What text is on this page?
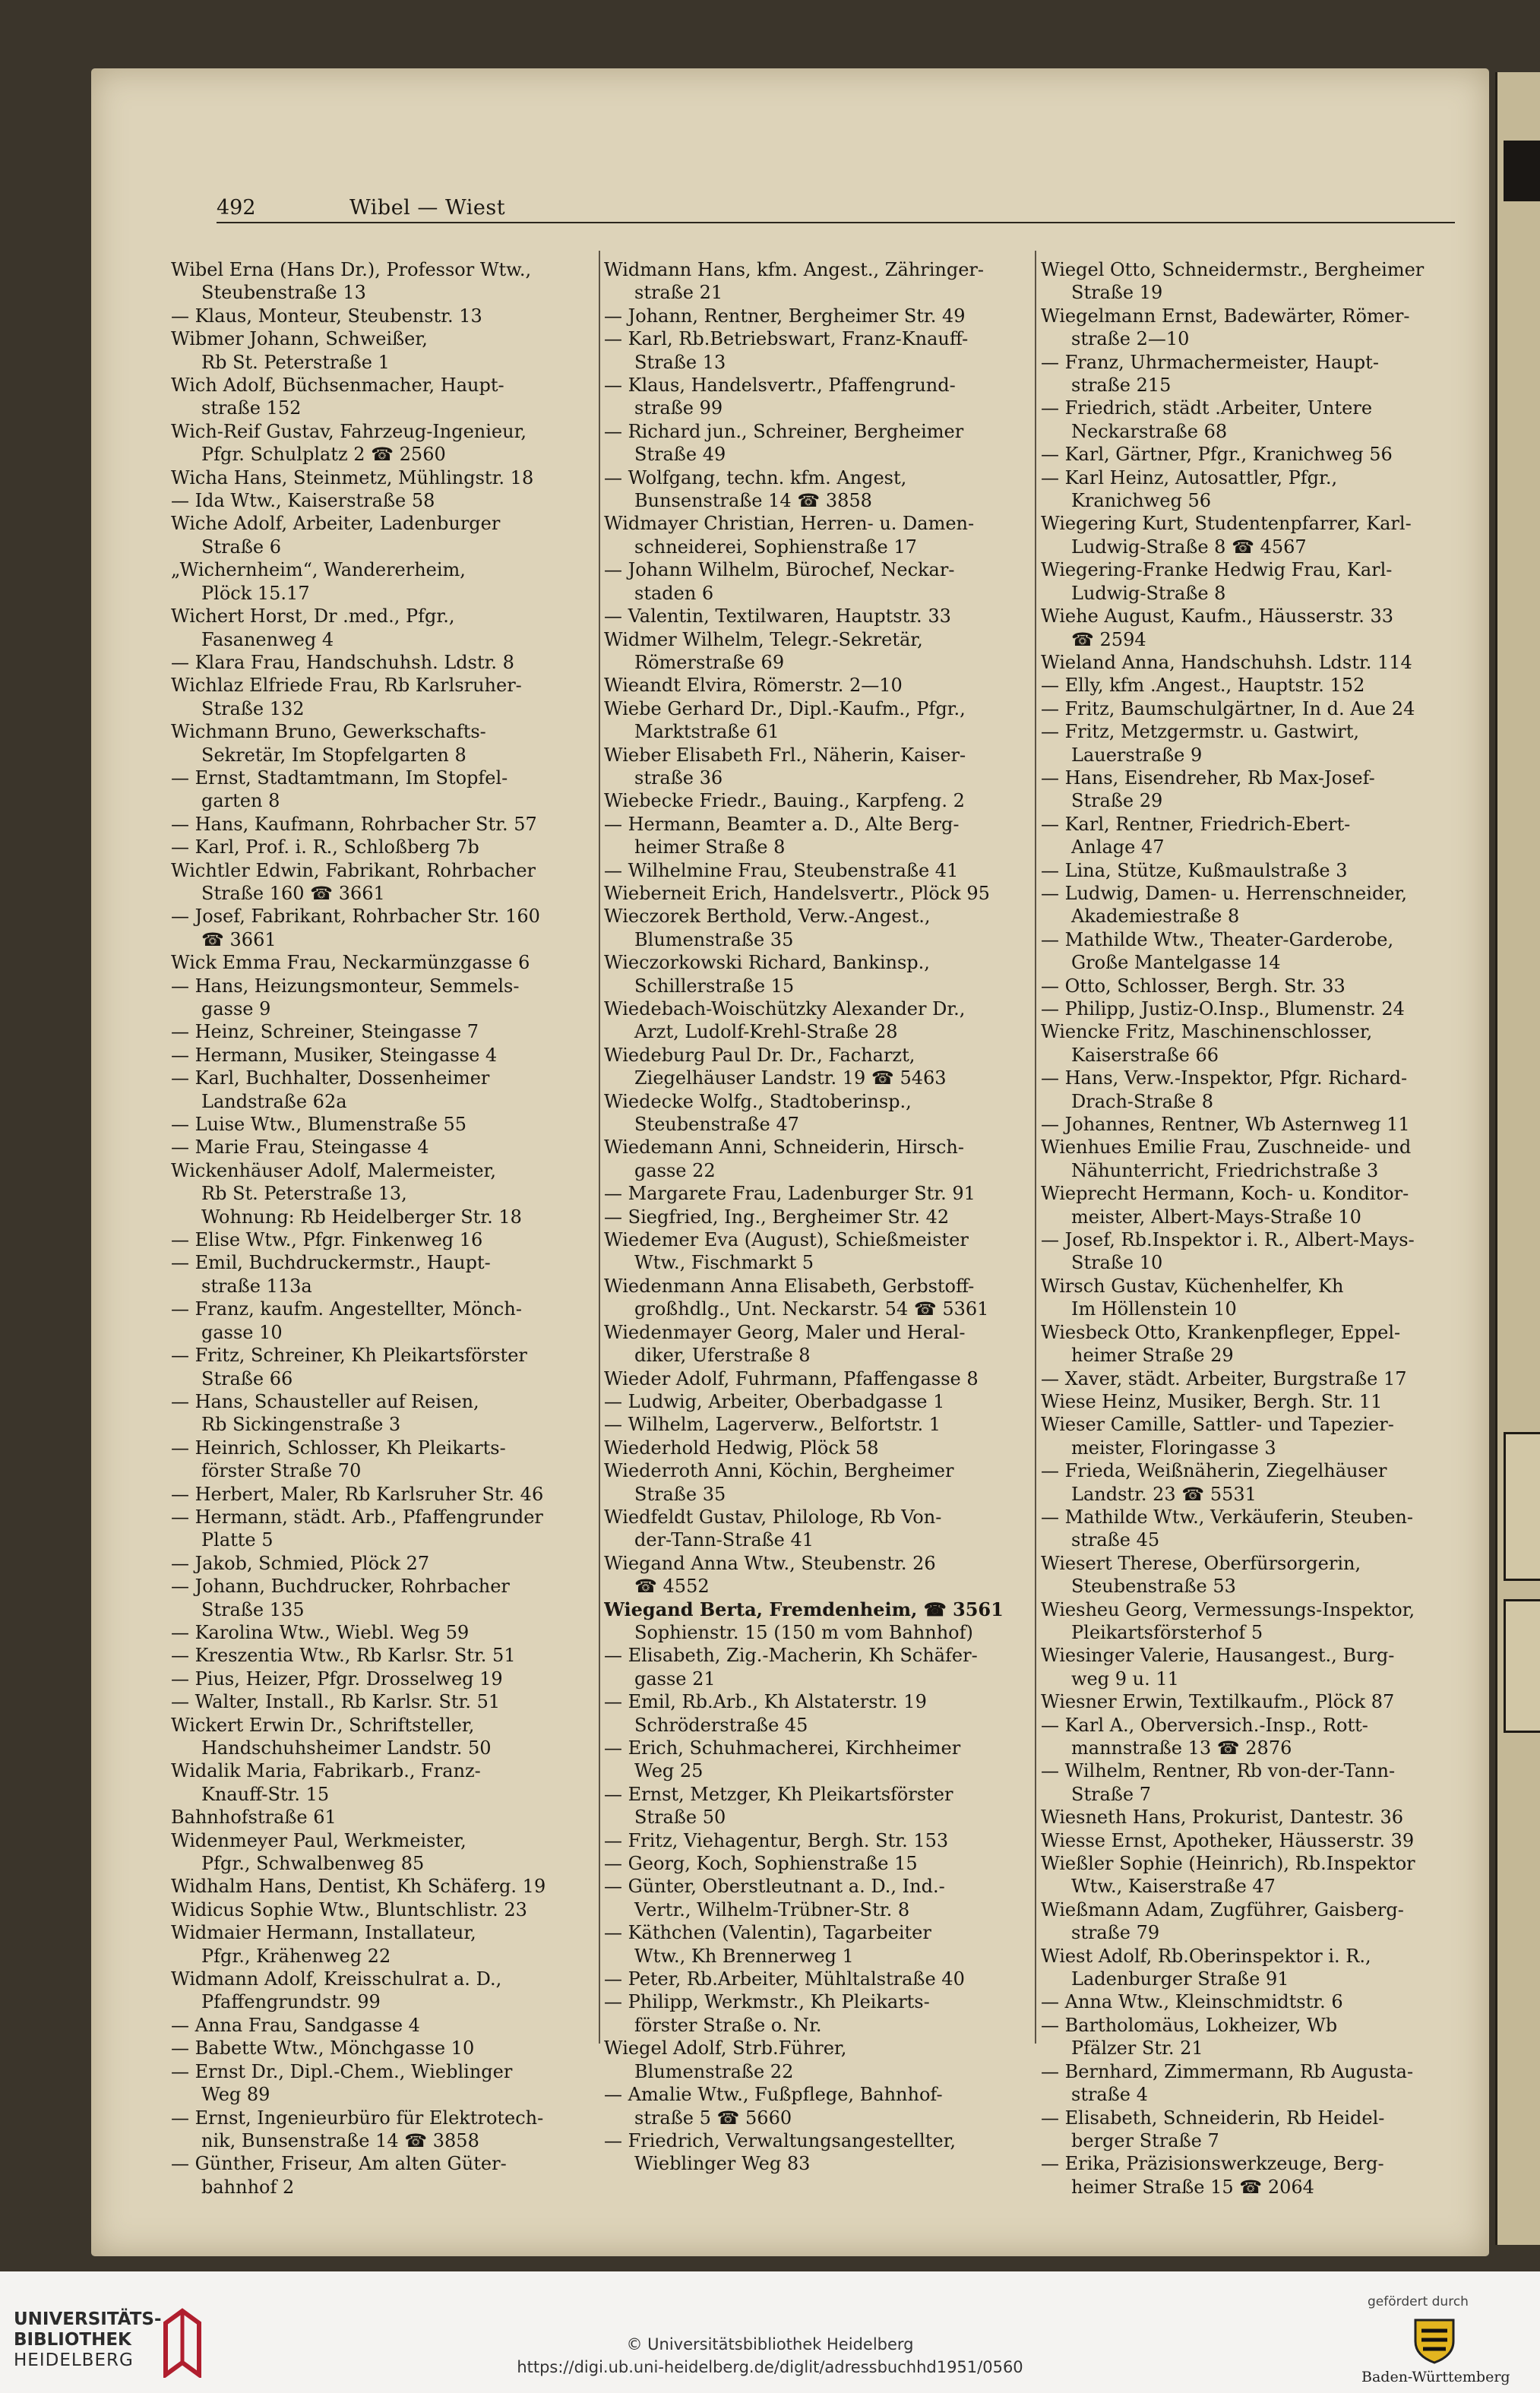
492	Wibel — Wiest
Wibel Erna (Hans Dr.), Professor Wtw.,
Steubenstraße 13
— Klaus, Monteur, Steubenstr. 13
Wibmer Johann, Schweißer,
Rb St. Peterstraße 1
Wich Adolf, Büchsenmacher, Haupt-
straße 152
Wich-Reif Gustav, Fahrzeug-Ingenieur,
Pfgr. Schulplatz 2 ☎ 2560
Wicha Hans, Steinmetz, Mühlingstr. 18
— Ida Wtw., Kaiserstraße 58
Wiche Adolf, Arbeiter, Ladenburger
Straße 6
„Wichernheim“, Wandererheim,
Plöck 15.17
Wichert Horst, Dr .med., Pfgr.,
Fasanenweg 4
— Klara Frau, Handschuhsh. Ldstr. 8
Wichlaz Elfriede Frau, Rb Karlsruher-
Straße 132
Wichmann Bruno, Gewerkschafts-
Sekretär, Im Stopfelgarten 8
— Ernst, Stadtamtmann, Im Stopfel-
garten 8
— Hans, Kaufmann, Rohrbacher Str. 57
— Karl, Prof. i. R., Schloßberg 7b
Wichtler Edwin, Fabrikant, Rohrbacher
Straße 160 ☎ 3661
— Josef, Fabrikant, Rohrbacher Str. 160
☎ 3661
Wick Emma Frau, Neckarmünzgasse 6
— Hans, Heizungsmonteur, Semmels-
gasse 9
— Heinz, Schreiner, Steingasse 7
— Hermann, Musiker, Steingasse 4
— Karl, Buchhalter, Dossenheimer
Landstraße 62a
— Luise Wtw., Blumenstraße 55
— Marie Frau, Steingasse 4
Wickenhäuser Adolf, Malermeister,
Rb St. Peterstraße 13,
Wohnung: Rb Heidelberger Str. 18
— Elise Wtw., Pfgr. Finkenweg 16
— Emil, Buchdruckermstr., Haupt-
straße 113a
— Franz, kaufm. Angestellter, Mönch-
gasse 10
— Fritz, Schreiner, Kh Pleikartsförster
Straße 66
— Hans, Schausteller auf Reisen,
Rb Sickingenstraße 3
— Heinrich, Schlosser, Kh Pleikarts-
förster Straße 70
— Herbert, Maler, Rb Karlsruher Str. 46
— Hermann, städt. Arb., Pfaffengrunder
Platte 5
— Jakob, Schmied, Plöck 27
— Johann, Buchdrucker, Rohrbacher
Straße 135
— Karolina Wtw., Wiebl. Weg 59
— Kreszentia Wtw., Rb Karlsr. Str. 51
— Pius, Heizer, Pfgr. Drosselweg 19
— Walter, Install., Rb Karlsr. Str. 51
Wickert Erwin Dr., Schriftsteller,
Handschuhsheimer Landstr. 50
Widalik Maria, Fabrikarb., Franz-
Knauff-Str. 15
Bahnhofstraße 61
Widenmeyer Paul, Werkmeister,
Pfgr., Schwalbenweg 85
Widhalm Hans, Dentist, Kh Schäferg. 19
Widicus Sophie Wtw., Bluntschlistr. 23
Widmaier Hermann, Installateur,
Pfgr., Krähenweg 22
Widmann Adolf, Kreisschulrat a. D.,
Pfaffengrundstr. 99
— Anna Frau, Sandgasse 4
— Babette Wtw., Mönchgasse 10
— Ernst Dr., Dipl.-Chem., Wieblinger
Weg 89
— Ernst, Ingenieurbüro für Elektrotech-
nik, Bunsenstraße 14 ☎ 3858
— Günther, Friseur, Am alten Güter-
bahnhof 2
Widmann Hans, kfm. Angest., Zähringer-
straße 21
— Johann, Rentner, Bergheimer Str. 49
— Karl, Rb.Betriebswart, Franz-Knauff-
Straße 13
— Klaus, Handelsvertr., Pfaffengrund-
straße 99
— Richard jun., Schreiner, Bergheimer
Straße 49
— Wolfgang, techn. kfm. Angest,
Bunsenstraße 14 ☎ 3858
Widmayer Christian, Herren- u. Damen-
schneiderei, Sophienstraße 17
— Johann Wilhelm, Bürochef, Neckar-
staden 6
— Valentin, Textilwaren, Hauptstr. 33
Widmer Wilhelm, Telegr.-Sekretär,
Römerstraße 69
Wieandt Elvira, Römerstr. 2—10
Wiebe Gerhard Dr., Dipl.-Kaufm., Pfgr.,
Marktstraße 61
Wieber Elisabeth Frl., Näherin, Kaiser-
straße 36
Wiebecke Friedr., Bauing., Karpfeng. 2
— Hermann, Beamter a. D., Alte Berg-
heimer Straße 8
— Wilhelmine Frau, Steubenstraße 41
Wieberneit Erich, Handelsvertr., Plöck 95
Wieczorek Berthold, Verw.-Angest.,
Blumenstraße 35
Wieczorkowski Richard, Bankinsp.,
Schillerstraße 15
Wiedebach-Woischützky Alexander Dr.,
Arzt, Ludolf-Krehl-Straße 28
Wiedeburg Paul Dr. Dr., Facharzt,
Ziegelhäuser Landstr. 19 ☎ 5463
Wiedecke Wolfg., Stadtoberinsp.,
Steubenstraße 47
Wiedemann Anni, Schneiderin, Hirsch-
gasse 22
— Margarete Frau, Ladenburger Str. 91
— Siegfried, Ing., Bergheimer Str. 42
Wiedemer Eva (August), Schießmeister
Wtw., Fischmarkt 5
Wiedenmann Anna Elisabeth, Gerbstoff-
großhdlg., Unt. Neckarstr. 54 ☎ 5361
Wiedenmayer Georg, Maler und Heral-
diker, Uferstraße 8
Wieder Adolf, Fuhrmann, Pfaffengasse 8
— Ludwig, Arbeiter, Oberbadgasse 1
— Wilhelm, Lagerverw., Belfortstr. 1
Wiederhold Hedwig, Plöck 58
Wiederroth Anni, Köchin, Bergheimer
Straße 35
Wiedfeldt Gustav, Philologe, Rb Von-
der-Tann-Straße 41
Wiegand Anna Wtw., Steubenstr. 26
☎ 4552
Wiegand Berta, Fremdenheim, ☎ 3561
Sophienstr. 15 (150 m vom Bahnhof)
— Elisabeth, Zig.-Macherin, Kh Schäfer-
gasse 21
— Emil, Rb.Arb., Kh Alstaterstr. 19
Schröderstraße 45
— Erich, Schuhmacherei, Kirchheimer
Weg 25
— Ernst, Metzger, Kh Pleikartsförster
Straße 50
— Fritz, Viehagentur, Bergh. Str. 153
— Georg, Koch, Sophienstraße 15
— Günter, Oberstleutnant a. D., Ind.-
Vertr., Wilhelm-Trübner-Str. 8
— Käthchen (Valentin), Tagarbeiter
Wtw., Kh Brennerweg 1
— Peter, Rb.Arbeiter, Mühltalstraße 40
— Philipp, Werkmstr., Kh Pleikarts-
förster Straße o. Nr.
Wiegel Adolf, Strb.Führer,
Blumenstraße 22
— Amalie Wtw., Fußpflege, Bahnhof-
straße 5 ☎ 5660
— Friedrich, Verwaltungsangestellter,
Wieblinger Weg 83
Wiegel Otto, Schneidermstr., Bergheimer
Straße 19
Wiegelmann Ernst, Badewärter, Römer-
straße 2—10
— Franz, Uhrmachermeister, Haupt-
straße 215
— Friedrich, städt .Arbeiter, Untere
Neckarstraße 68
— Karl, Gärtner, Pfgr., Kranichweg 56
— Karl Heinz, Autosattler, Pfgr.,
Kranichweg 56
Wiegering Kurt, Studentenpfarrer, Karl-
Ludwig-Straße 8 ☎ 4567
Wiegering-Franke Hedwig Frau, Karl-
Ludwig-Straße 8
Wiehe August, Kaufm., Häusserstr. 33
☎ 2594
Wieland Anna, Handschuhsh. Ldstr. 114
— Elly, kfm .Angest., Hauptstr. 152
— Fritz, Baumschulgärtner, In d. Aue 24
— Fritz, Metzgermstr. u. Gastwirt,
Lauerstraße 9
— Hans, Eisendreher, Rb Max-Josef-
Straße 29
— Karl, Rentner, Friedrich-Ebert-
Anlage 47
— Lina, Stütze, Kußmaulstraße 3
— Ludwig, Damen- u. Herrenschneider,
Akademiestraße 8
— Mathilde Wtw., Theater-Garderobe,
Große Mantelgasse 14
— Otto, Schlosser, Bergh. Str. 33
— Philipp, Justiz-O.Insp., Blumenstr. 24
Wiencke Fritz, Maschinenschlosser,
Kaiserstraße 66
— Hans, Verw.-Inspektor, Pfgr. Richard-
Drach-Straße 8
— Johannes, Rentner, Wb Asternweg 11
Wienhues Emilie Frau, Zuschneide- und
Nähunterricht, Friedrichstraße 3
Wieprecht Hermann, Koch- u. Konditor-
meister, Albert-Mays-Straße 10
— Josef, Rb.Inspektor i. R., Albert-Mays-
Straße 10
Wirsch Gustav, Küchenhelfer, Kh
Im Höllenstein 10
Wiesbeck Otto, Krankenpfleger, Eppel-
heimer Straße 29
— Xaver, städt. Arbeiter, Burgstraße 17
Wiese Heinz, Musiker, Bergh. Str. 11
Wieser Camille, Sattler- und Tapezier-
meister, Floringasse 3
— Frieda, Weißnäherin, Ziegelhäuser
Landstr. 23 ☎ 5531
— Mathilde Wtw., Verkäuferin, Steuben-
straße 45
Wiesert Therese, Oberfürsorgerin,
Steubenstraße 53
Wiesheu Georg, Vermessungs-Inspektor,
Pleikartsförsterhof 5
Wiesinger Valerie, Hausangest., Burg-
weg 9 u. 11
Wiesner Erwin, Textilkaufm., Plöck 87
— Karl A., Oberversich.-Insp., Rott-
mannstraße 13 ☎ 2876
— Wilhelm, Rentner, Rb von-der-Tann-
Straße 7
Wiesneth Hans, Prokurist, Dantestr. 36
Wiesse Ernst, Apotheker, Häusserstr. 39
Wießler Sophie (Heinrich), Rb.Inspektor
Wtw., Kaiserstraße 47
Wießmann Adam, Zugführer, Gaisberg-
straße 79
Wiest Adolf, Rb.Oberinspektor i. R.,
Ladenburger Straße 91
— Anna Wtw., Kleinschmidtstr. 6
— Bartholomäus, Lokheizer, Wb
Pfälzer Str. 21
— Bernhard, Zimmermann, Rb Augusta-
straße 4
— Elisabeth, Schneiderin, Rb Heidel-
berger Straße 7
— Erika, Präzisionswerkzeuge, Berg-
heimer Straße 15 ☎ 2064
UNIVERSITÄTS-
BIBLIOTHEK
HEIDELBERG
© Universitätsbibliothek Heidelberg
https://digi.ub.uni-heidelberg.de/diglit/adressbuchhd1951/0560
gefördert durch
Baden-Württemberg
